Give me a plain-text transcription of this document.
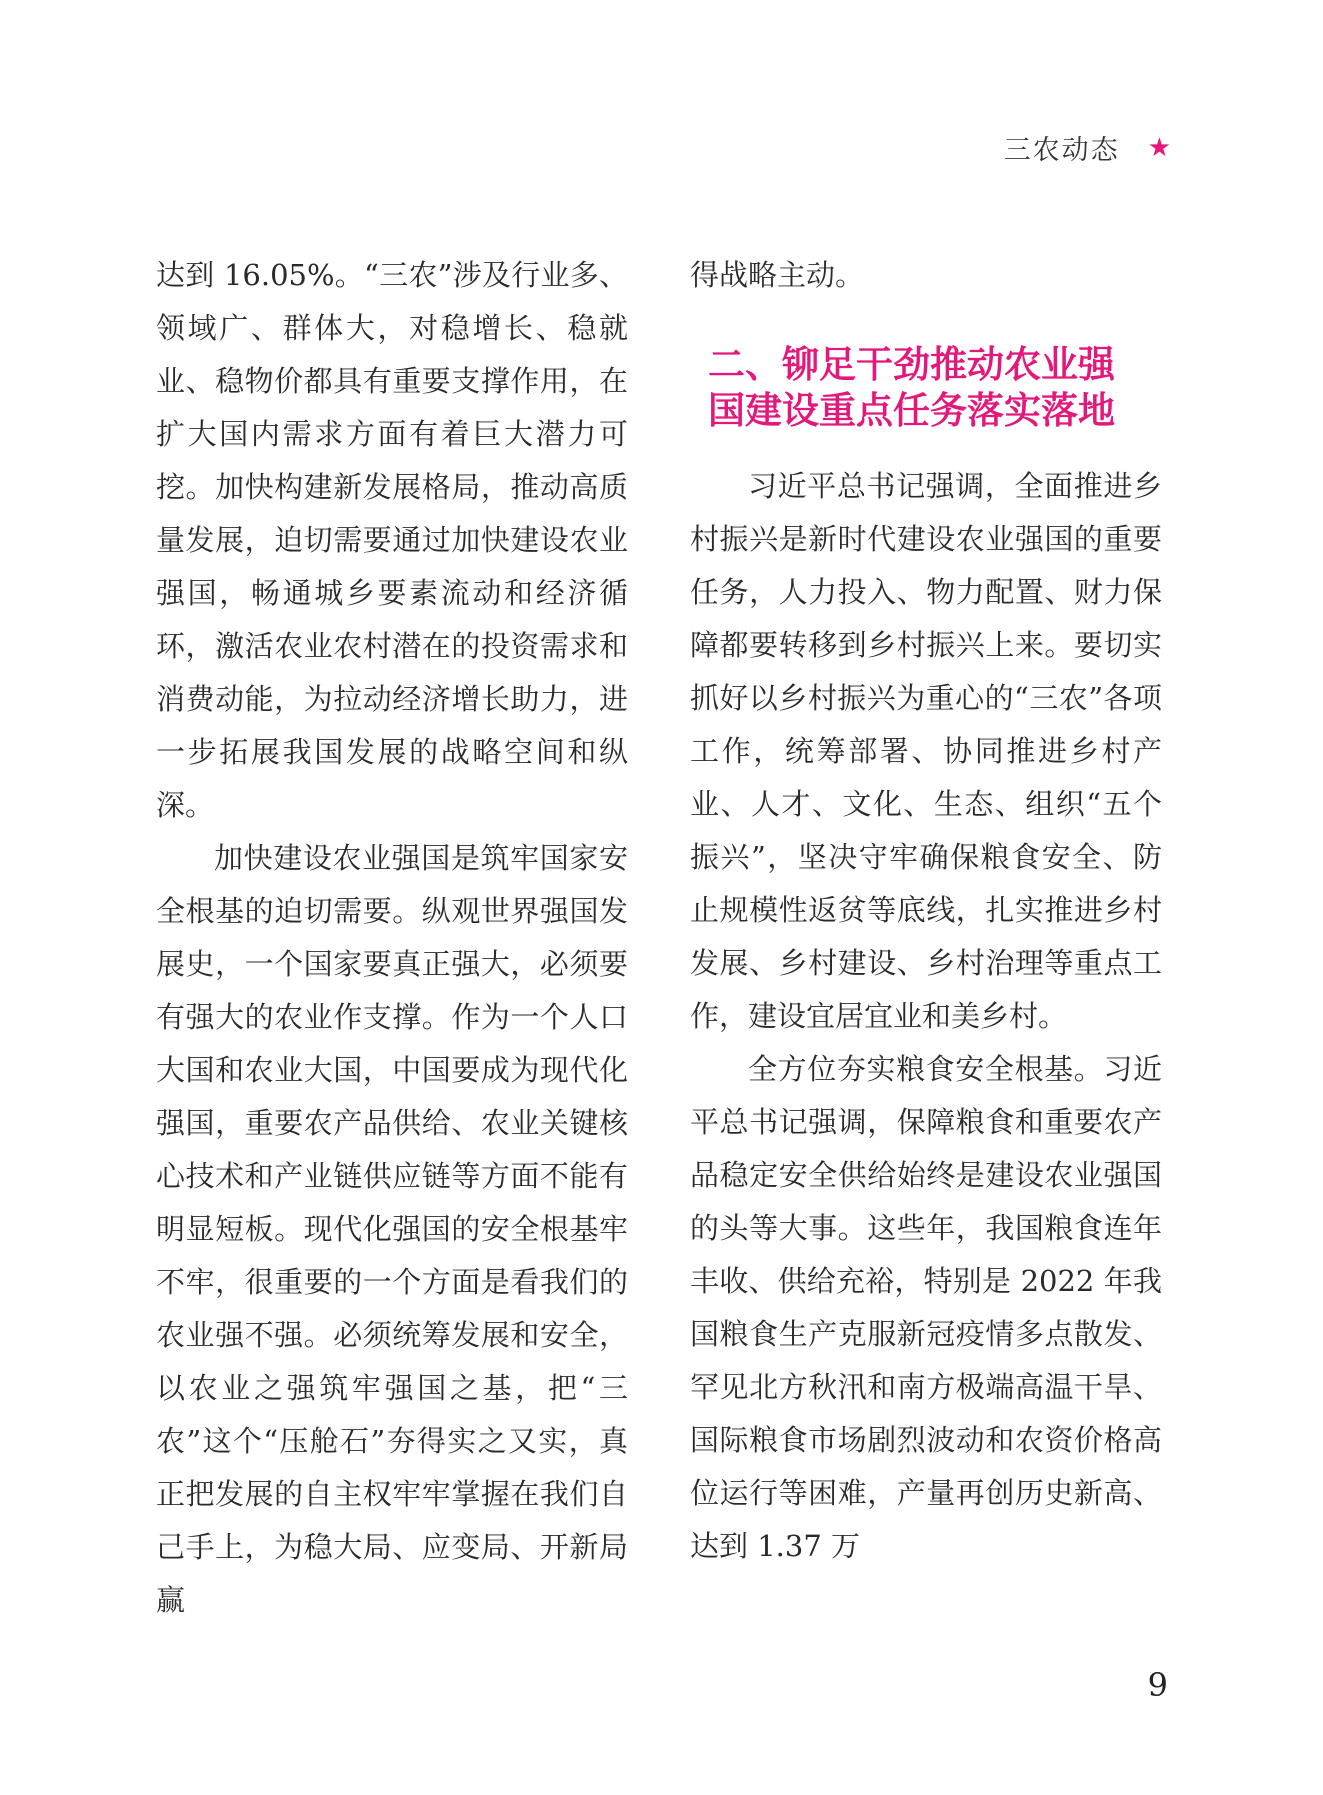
三农动态 ★

达到 16.05%。“三农”涉及行业多、领域广、群体大，对稳增长、稳就业、稳物价都具有重要支撑作用，在扩大国内需求方面有着巨大潜力可挖。加快构建新发展格局，推动高质量发展，迫切需要通过加快建设农业强国，畅通城乡要素流动和经济循环，激活农业农村潜在的投资需求和消费动能，为拉动经济增长助力，进一步拓展我国发展的战略空间和纵深。

加快建设农业强国是筑牢国家安全根基的迫切需要。纵观世界强国发展史，一个国家要真正强大，必须要有强大的农业作支撑。作为一个人口大国和农业大国，中国要成为现代化强国，重要农产品供给、农业关键核心技术和产业链供应链等方面不能有明显短板。现代化强国的安全根基牢不牢，很重要的一个方面是看我们的农业强不强。必须统筹发展和安全，以农业之强筑牢强国之基，把“三农”这个“压舱石”夯得实之又实，真正把发展的自主权牢牢掌握在我们自己手上，为稳大局、应变局、开新局赢

得战略主动。

二、铆足干劲推动农业强国建设重点任务落实落地

习近平总书记强调，全面推进乡村振兴是新时代建设农业强国的重要任务，人力投入、物力配置、财力保障都要转移到乡村振兴上来。要切实抓好以乡村振兴为重心的“三农”各项工作，统筹部署、协同推进乡村产业、人才、文化、生态、组织“五个振兴”，坚决守牢确保粮食安全、防止规模性返贫等底线，扎实推进乡村发展、乡村建设、乡村治理等重点工作，建设宜居宜业和美乡村。

全方位夯实粮食安全根基。习近平总书记强调，保障粮食和重要农产品稳定安全供给始终是建设农业强国的头等大事。这些年，我国粮食连年丰收、供给充裕，特别是 2022 年我国粮食生产克服新冠疫情多点散发、罕见北方秋汛和南方极端高温干旱、国际粮食市场剧烈波动和农资价格高位运行等困难，产量再创历史新高、达到 1.37 万

9
